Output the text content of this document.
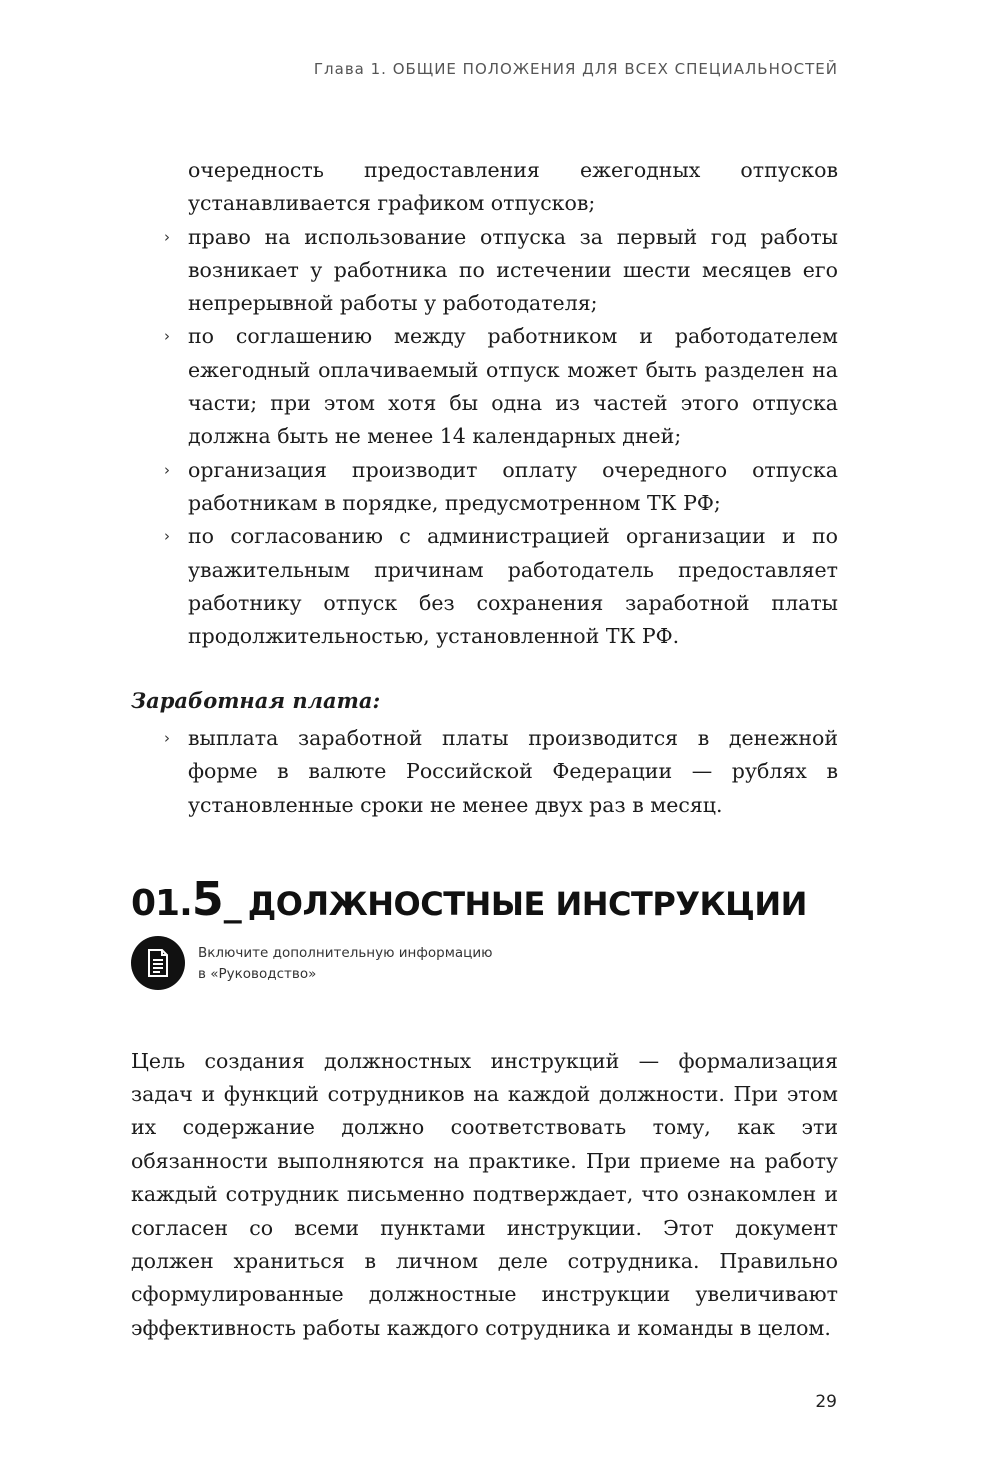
Глава 1. ОБЩИЕ ПОЛОЖЕНИЯ ДЛЯ ВСЕХ СПЕЦИАЛЬНОСТЕЙ

очередность предоставления ежегодных отпусков устанавливается графиком отпусков;

› право на использование отпуска за первый год работы возникает у работника по истечении шести месяцев его непрерывной работы у работодателя;

› по соглашению между работником и работодателем ежегодный оплачиваемый отпуск может быть разделен на части; при этом хотя бы одна из частей этого отпуска должна быть не менее 14 календарных дней;

› организация производит оплату очередного отпуска работникам в порядке, предусмотренном ТК РФ;

› по согласованию с администрацией организации и по уважительным причинам работодатель предоставляет работнику отпуск без сохранения заработной платы продолжительностью, установленной ТК РФ.

Заработная плата:

› выплата заработной платы производится в денежной форме в валюте Российской Федерации — рублях в установленные сроки не менее двух раз в месяц.

01.5_ ДОЛЖНОСТНЫЕ ИНСТРУКЦИИ
Включите дополнительную информацию
в «Руководство»

Цель создания должностных инструкций — формализация задач и функций сотрудников на каждой должности. При этом их содержание должно соответствовать тому, как эти обязанности выполняются на практике. При приеме на работу каждый сотрудник письменно подтверждает, что ознакомлен и согласен со всеми пунктами инструкции. Этот документ должен храниться в личном деле сотрудника. Правильно сформулированные должностные инструкции увеличивают эффективность работы каждого сотрудника и команды в целом.

29
